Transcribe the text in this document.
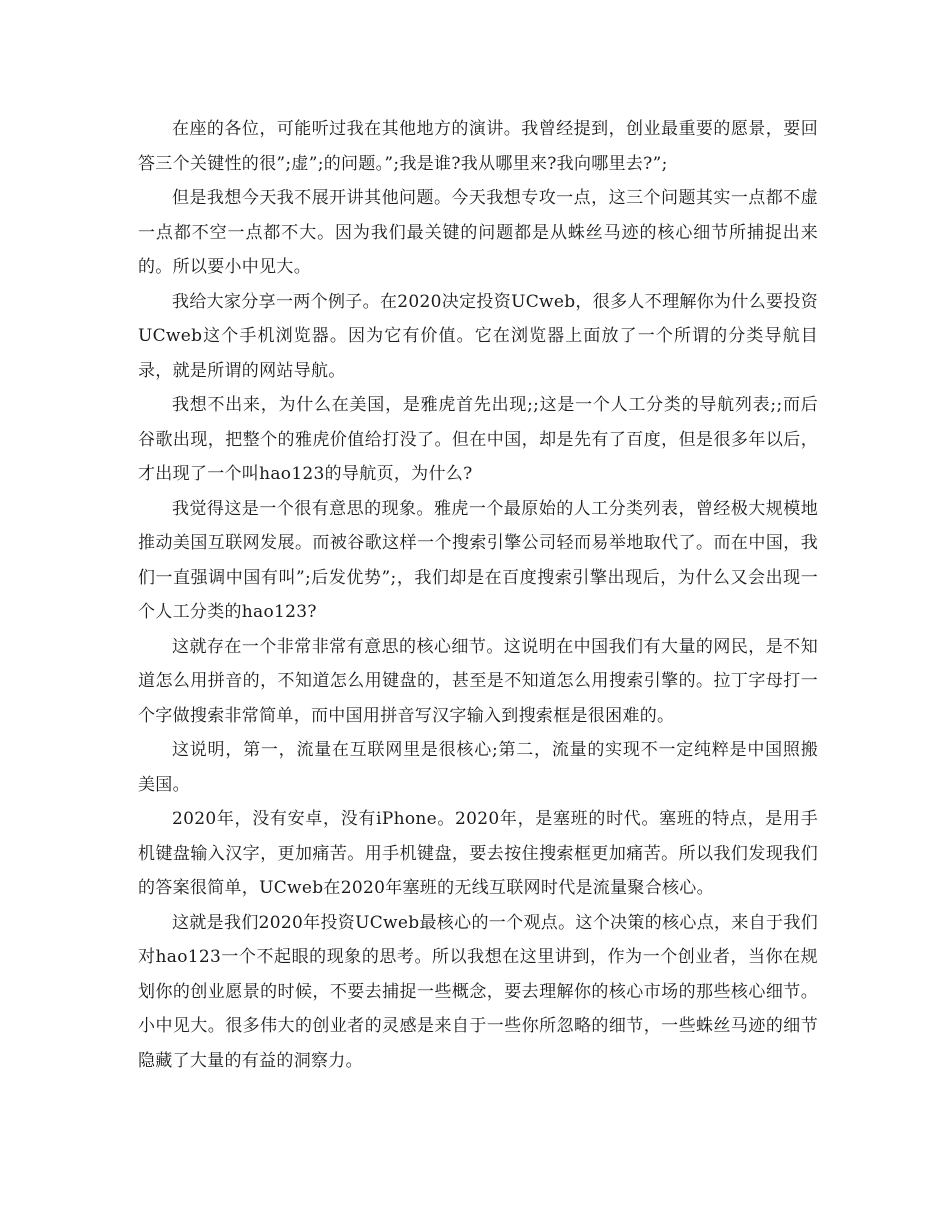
在座的各位，可能听过我在其他地方的演讲。我曾经提到，创业最重要的愿景，要回答三个关键性的很”;虚”;的问题。”;我是谁?我从哪里来?我向哪里去?”;

但是我想今天我不展开讲其他问题。今天我想专攻一点，这三个问题其实一点都不虚一点都不空一点都不大。因为我们最关键的问题都是从蛛丝马迹的核心细节所捕捉出来的。所以要小中见大。

我给大家分享一两个例子。在2020决定投资UCweb，很多人不理解你为什么要投资UCweb这个手机浏览器。因为它有价值。它在浏览器上面放了一个所谓的分类导航目录，就是所谓的网站导航。

我想不出来，为什么在美国，是雅虎首先出现;;这是一个人工分类的导航列表;;而后谷歌出现，把整个的雅虎价值给打没了。但在中国，却是先有了百度，但是很多年以后，才出现了一个叫hao123的导航页，为什么?

我觉得这是一个很有意思的现象。雅虎一个最原始的人工分类列表，曾经极大规模地推动美国互联网发展。而被谷歌这样一个搜索引擎公司轻而易举地取代了。而在中国，我们一直强调中国有叫”;后发优势”;，我们却是在百度搜索引擎出现后，为什么又会出现一个人工分类的hao123?

这就存在一个非常非常有意思的核心细节。这说明在中国我们有大量的网民，是不知道怎么用拼音的，不知道怎么用键盘的，甚至是不知道怎么用搜索引擎的。拉丁字母打一个字做搜索非常简单，而中国用拼音写汉字输入到搜索框是很困难的。

这说明，第一，流量在互联网里是很核心;第二，流量的实现不一定纯粹是中国照搬美国。

2020年，没有安卓，没有iPhone。2020年，是塞班的时代。塞班的特点，是用手机键盘输入汉字，更加痛苦。用手机键盘，要去按住搜索框更加痛苦。所以我们发现我们的答案很简单，UCweb在2020年塞班的无线互联网时代是流量聚合核心。

这就是我们2020年投资UCweb最核心的一个观点。这个决策的核心点，来自于我们对hao123一个不起眼的现象的思考。所以我想在这里讲到，作为一个创业者，当你在规划你的创业愿景的时候，不要去捕捉一些概念，要去理解你的核心市场的那些核心细节。小中见大。很多伟大的创业者的灵感是来自于一些你所忽略的细节，一些蛛丝马迹的细节隐藏了大量的有益的洞察力。
